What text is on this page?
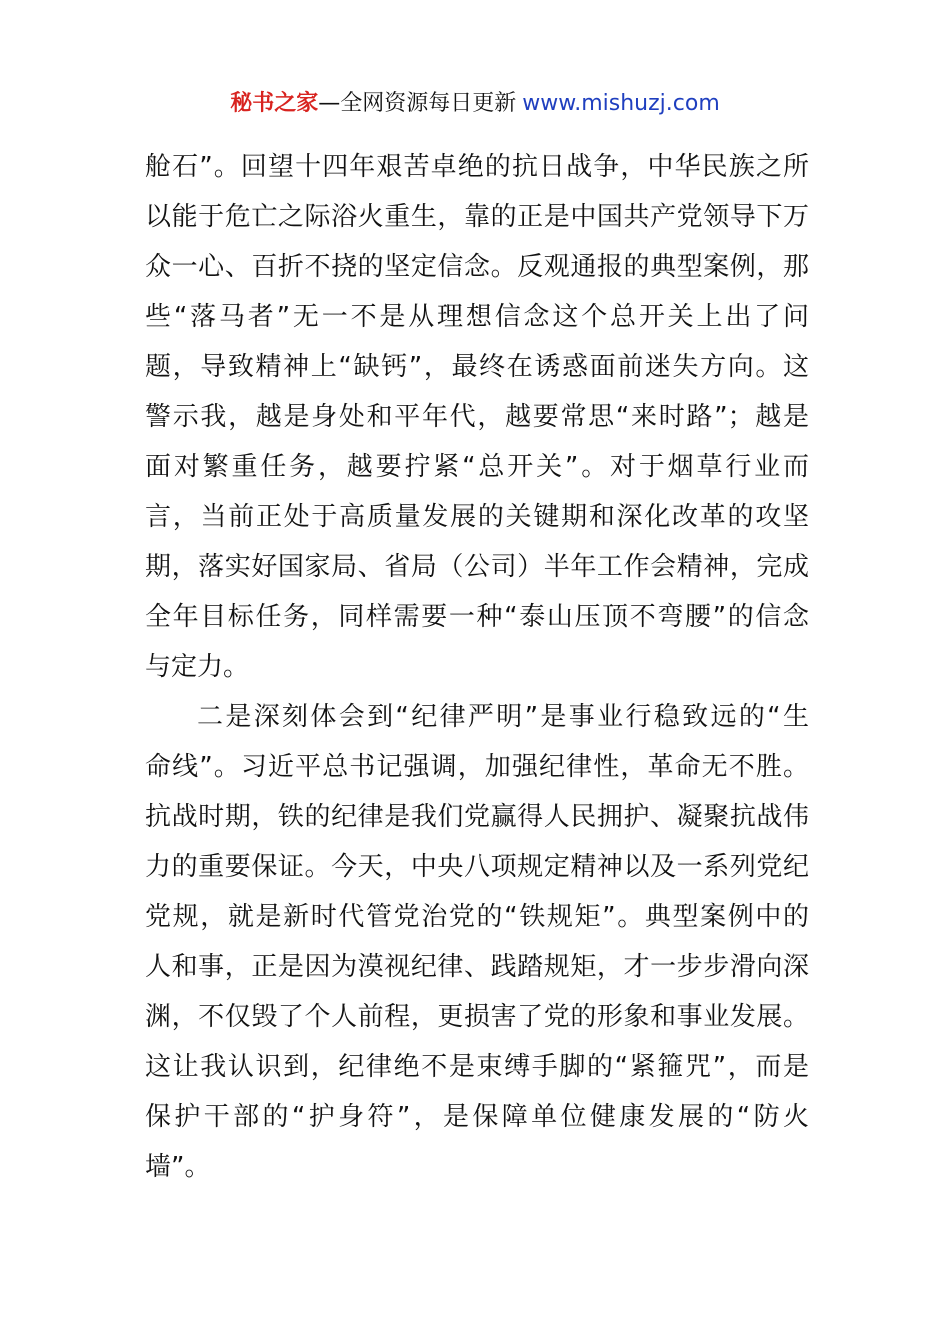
秘书之家—全网资源每日更新 www.mishuzj.com
舱石”。回望十四年艰苦卓绝的抗日战争，中华民族之所
以能于危亡之际浴火重生，靠的正是中国共产党领导下万
众一心、百折不挠的坚定信念。反观通报的典型案例，那
些“落马者”无一不是从理想信念这个总开关上出了问
题，导致精神上“缺钙”，最终在诱惑面前迷失方向。这
警示我，越是身处和平年代，越要常思“来时路”；越是
面对繁重任务，越要拧紧“总开关”。对于烟草行业而
言，当前正处于高质量发展的关键期和深化改革的攻坚
期，落实好国家局、省局（公司）半年工作会精神，完成
全年目标任务，同样需要一种“泰山压顶不弯腰”的信念
与定力。
二是深刻体会到“纪律严明”是事业行稳致远的“生
命线”。习近平总书记强调，加强纪律性，革命无不胜。
抗战时期，铁的纪律是我们党赢得人民拥护、凝聚抗战伟
力的重要保证。今天，中央八项规定精神以及一系列党纪
党规，就是新时代管党治党的“铁规矩”。典型案例中的
人和事，正是因为漠视纪律、践踏规矩，才一步步滑向深
渊，不仅毁了个人前程，更损害了党的形象和事业发展。
这让我认识到，纪律绝不是束缚手脚的“紧箍咒”，而是
保护干部的“护身符”，是保障单位健康发展的“防火
墙”。
